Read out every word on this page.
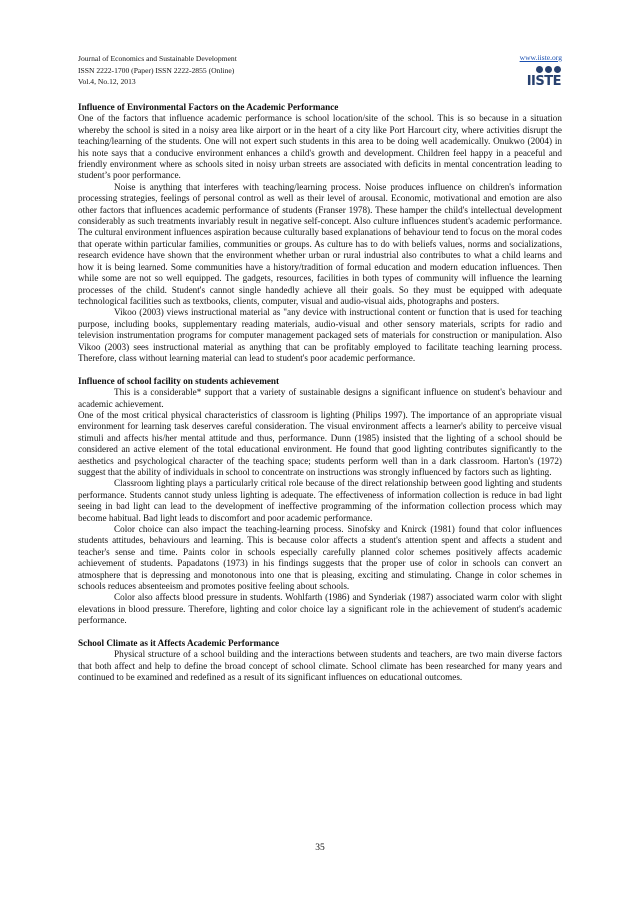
Journal of Economics and Sustainable Development
ISSN 2222-1700 (Paper) ISSN 2222-2855 (Online)
Vol.4, No.12, 2013
www.iiste.org
IISTE
Influence of Environmental Factors on the Academic Performance

One of the factors that influence academic performance is school location/site of the school. This is so because in a situation whereby the school is sited in a noisy area like airport or in the heart of a city like Port Harcourt city, where activities disrupt the teaching/learning of the students. One will not expert such students in this area to be doing well academically. Onukwo (2004) in his note says that a conducive environment enhances a child's growth and development. Children feel happy in a peaceful and friendly environment where as schools sited in noisy urban streets are associated with deficits in mental concentration leading to student’s poor performance.

Noise is anything that interferes with teaching/learning process. Noise produces influence on children's information processing strategies, feelings of personal control as well as their level of arousal. Economic, motivational and emotion are also other factors that influences academic performance of students (Franser 1978). These hamper the child's intellectual development considerably as such treatments invariably result in negative self-concept. Also culture influences student's academic performance. The cultural environment influences aspiration because culturally based explanations of behaviour tend to focus on the moral codes that operate within particular families, communities or groups. As culture has to do with beliefs values, norms and socializations, research evidence have shown that the environment whether urban or rural industrial also contributes to what a child learns and how it is being learned. Some communities have a history/tradition of formal education and modern education influences. Then while some are not so well equipped. The gadgets, resources, facilities in both types of community will influence the learning processes of the child. Student's cannot single handedly achieve all their goals. So they must be equipped with adequate technological facilities such as textbooks, clients, computer, visual and audio-visual aids, photographs and posters.

Vikoo (2003) views instructional material as "any device with instructional content or function that is used for teaching purpose, including books, supplementary reading materials, audio-visual and other sensory materials, scripts for radio and television instrumentation programs for computer management packaged sets of materials for construction or manipulation. Also Vikoo (2003) sees instructional material as anything that can be profitably employed to facilitate teaching learning process. Therefore, class without learning material can lead to student's poor academic performance.

Influence of school facility on students achievement

This is a considerable* support that a variety of sustainable designs a significant influence on student's behaviour and academic achievement.

One of the most critical physical characteristics of classroom is lighting (Philips 1997). The importance of an appropriate visual environment for learning task deserves careful consideration. The visual environment affects a learner's ability to perceive visual stimuli and affects his/her mental attitude and thus, performance. Dunn (1985) insisted that the lighting of a school should be considered an active element of the total educational environment. He found that good lighting contributes significantly to the aesthetics and psychological character of the teaching space; students perform well than in a dark classroom. Harton's (1972) suggest that the ability of individuals in school to concentrate on instructions was strongly influenced by factors such as lighting.

Classroom lighting plays a particularly critical role because of the direct relationship between good lighting and students performance. Students cannot study unless lighting is adequate. The effectiveness of information collection is reduce in bad light seeing in bad light can lead to the development of ineffective programming of the information collection process which may become habitual. Bad light leads to discomfort and poor academic performance.

Color choice can also impact the teaching-learning process. Sinofsky and Knirck (1981) found that color influences students attitudes, behaviours and learning. This is because color affects a student's attention spent and affects a student and teacher's sense and time. Paints color in schools especially carefully planned color schemes positively affects academic achievement of students. Papadatons (1973) in his findings suggests that the proper use of color in schools can convert an atmosphere that is depressing and monotonous into one that is pleasing, exciting and stimulating. Change in color schemes in schools reduces absenteeism and promotes positive feeling about schools.

Color also affects blood pressure in students. Wohlfarth (1986) and Synderiak (1987) associated warm color with slight elevations in blood pressure. Therefore, lighting and color choice lay a significant role in the achievement of student's academic performance.

School Climate as it Affects Academic Performance

Physical structure of a school building and the interactions between students and teachers, are two main diverse factors that both affect and help to define the broad concept of school climate. School climate has been researched for many years and continued to be examined and redefined as a result of its significant influences on educational outcomes.

35
